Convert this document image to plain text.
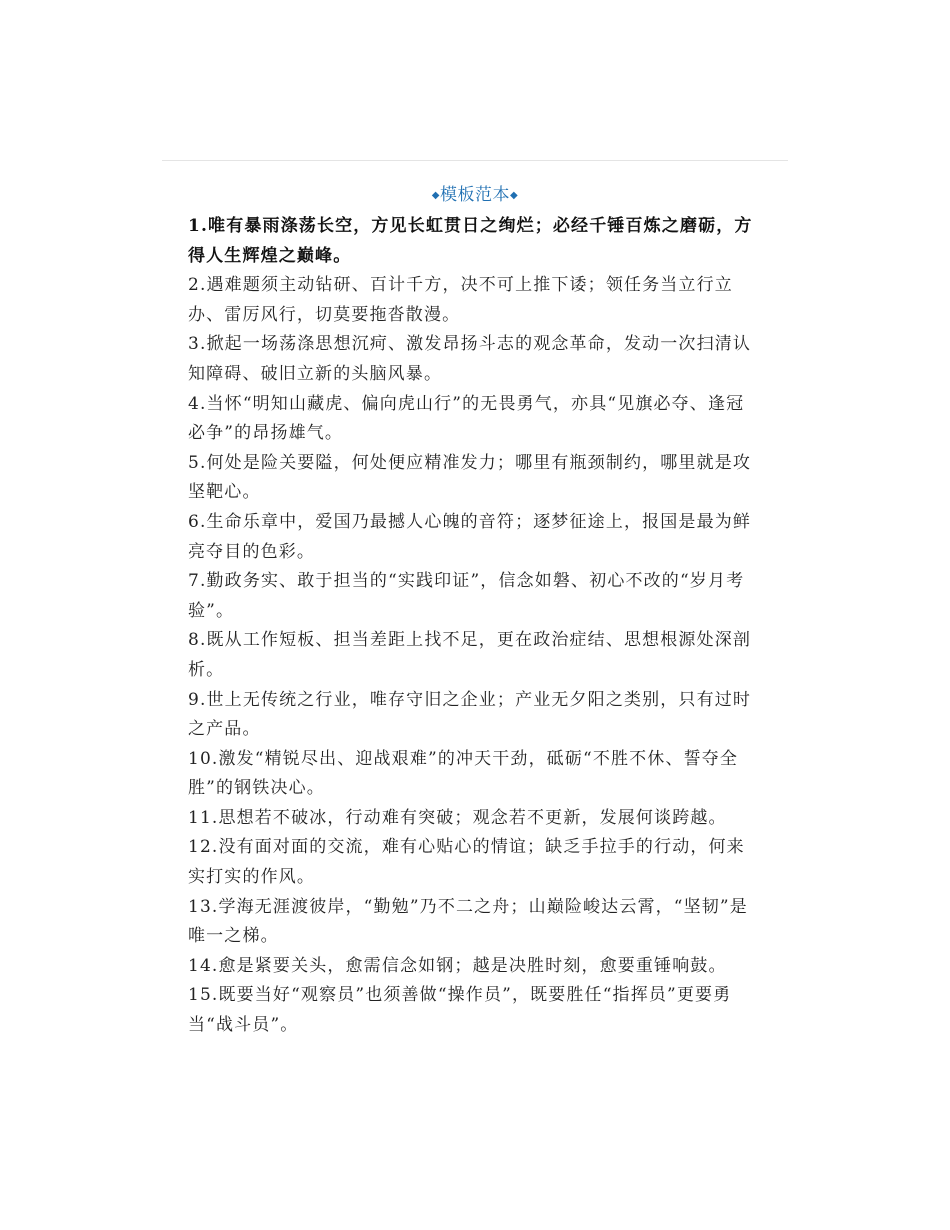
◆模板范本◆
1.唯有暴雨涤荡长空，方见长虹贯日之绚烂；必经千锤百炼之磨砺，方得人生辉煌之巅峰。
2.遇难题须主动钻研、百计千方，决不可上推下诿；领任务当立行立办、雷厉风行，切莫要拖沓散漫。
3.掀起一场荡涤思想沉疴、激发昂扬斗志的观念革命，发动一次扫清认知障碍、破旧立新的头脑风暴。
4.当怀“明知山藏虎、偏向虎山行”的无畏勇气，亦具“见旗必夺、逢冠必争”的昂扬雄气。
5.何处是险关要隘，何处便应精准发力；哪里有瓶颈制约，哪里就是攻坚靶心。
6.生命乐章中，爱国乃最撼人心魄的音符；逐梦征途上，报国是最为鲜亮夺目的色彩。
7.勤政务实、敢于担当的“实践印证”，信念如磐、初心不改的“岁月考验”。
8.既从工作短板、担当差距上找不足，更在政治症结、思想根源处深剖析。
9.世上无传统之行业，唯存守旧之企业；产业无夕阳之类别，只有过时之产品。
10.激发“精锐尽出、迎战艰难”的冲天干劲，砥砺“不胜不休、誓夺全胜”的钢铁决心。
11.思想若不破冰，行动难有突破；观念若不更新，发展何谈跨越。
12.没有面对面的交流，难有心贴心的情谊；缺乏手拉手的行动，何来实打实的作风。
13.学海无涯渡彼岸，“勤勉”乃不二之舟；山巅险峻达云霄，“坚韧”是唯一之梯。
14.愈是紧要关头，愈需信念如钢；越是决胜时刻，愈要重锤响鼓。
15.既要当好“观察员”也须善做“操作员”，既要胜任“指挥员”更要勇当“战斗员”。
